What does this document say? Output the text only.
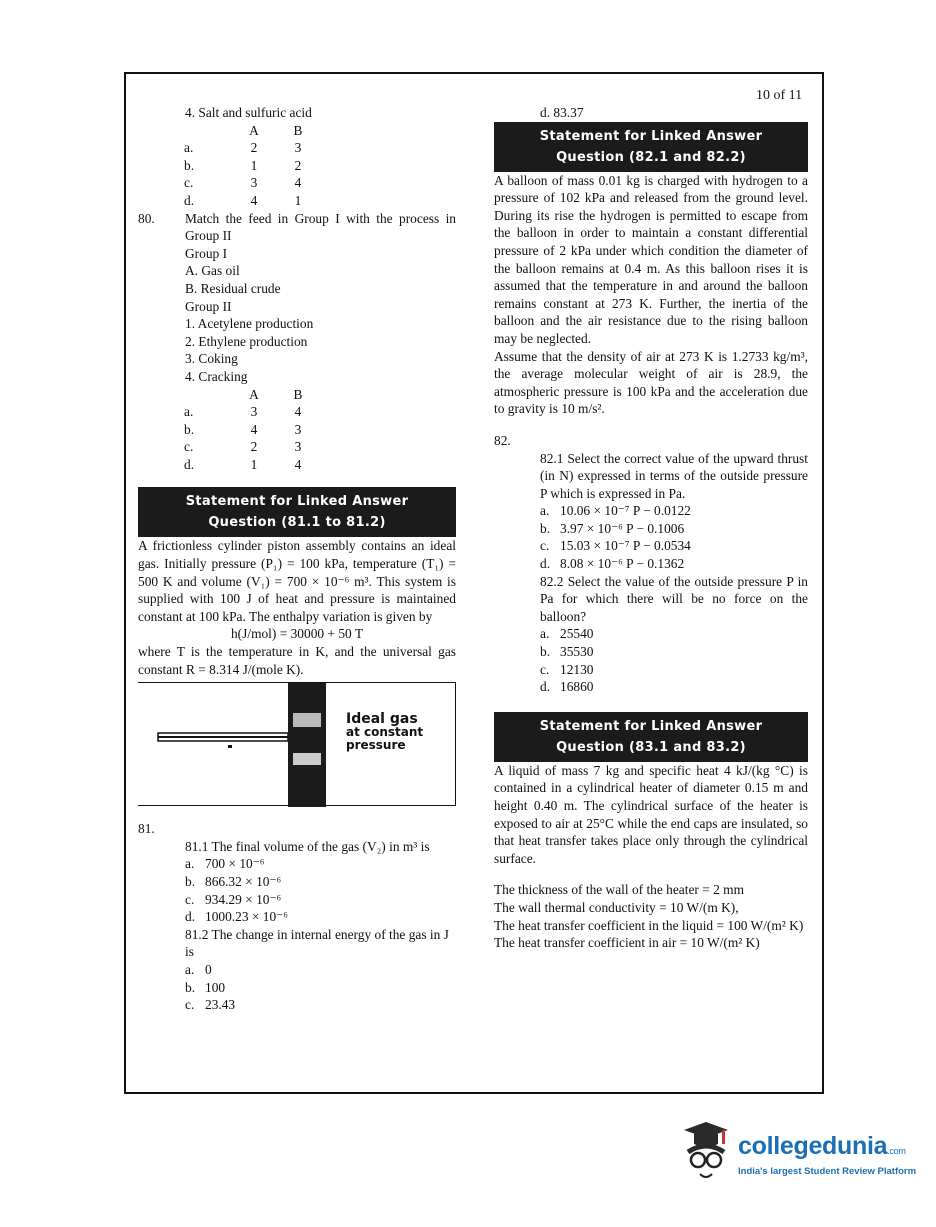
10 of 11
4. Salt and sulfuric acid
	A	B
a.	2	3
b.	1	2
c.	3	4
d.	4	1
80.	Match the feed in Group I with the process in Group II
Group I
A. Gas oil
B. Residual crude
Group II
1. Acetylene production
2. Ethylene production
3. Coking
4. Cracking
	A	B
a.	3	4
b.	4	3
c.	2	3
d.	1	4
Statement for Linked Answer
Question (81.1 to 81.2)
A frictionless cylinder piston assembly contains an ideal gas. Initially pressure (P₁) = 100 kPa, temperature (T₁) = 500 K and volume (V₁) = 700 × 10⁻⁶ m³. This system is supplied with 100 J of heat and pressure is maintained constant at 100 kPa. The enthalpy variation is given by
h(J/mol) = 30000 + 50 T
where T is the temperature in K, and the universal gas constant R = 8.314 J/(mole K).
Ideal gas
at constant
pressure
81.
81.1 The final volume of the gas (V₂) in m³ is
a. 700 × 10⁻⁶
b. 866.32 × 10⁻⁶
c. 934.29 × 10⁻⁶
d. 1000.23 × 10⁻⁶
81.2 The change in internal energy of the gas in J is
a. 0
b. 100
c. 23.43
d. 83.37
Statement for Linked Answer
Question (82.1 and 82.2)
A balloon of mass 0.01 kg is charged with hydrogen to a pressure of 102 kPa and released from the ground level. During its rise the hydrogen is permitted to escape from the balloon in order to maintain a constant differential pressure of 2 kPa under which condition the diameter of the balloon remains at 0.4 m. As this balloon rises it is assumed that the temperature in and around the balloon remains constant at 273 K. Further, the inertia of the balloon and the air resistance due to the rising balloon may be neglected.
Assume that the density of air at 273 K is 1.2733 kg/m³, the average molecular weight of air is 28.9, the atmospheric pressure is 100 kPa and the acceleration due to gravity is 10 m/s².
82.
82.1 Select the correct value of the upward thrust (in N) expressed in terms of the outside pressure P which is expressed in Pa.
a. 10.06 × 10⁻⁷ P − 0.0122
b. 3.97 × 10⁻⁶ P − 0.1006
c. 15.03 × 10⁻⁷ P − 0.0534
d. 8.08 × 10⁻⁶ P − 0.1362
82.2 Select the value of the outside pressure P in Pa for which there will be no force on the balloon?
a. 25540
b. 35530
c. 12130
d. 16860
Statement for Linked Answer
Question (83.1 and 83.2)
A liquid of mass 7 kg and specific heat 4 kJ/(kg °C) is contained in a cylindrical heater of diameter 0.15 m and height 0.40 m. The cylindrical surface of the heater is exposed to air at 25°C while the end caps are insulated, so that heat transfer takes place only through the cylindrical surface.
The thickness of the wall of the heater = 2 mm
The wall thermal conductivity = 10 W/(m K),
The heat transfer coefficient in the liquid = 100 W/(m² K)
The heat transfer coefficient in air = 10 W/(m² K)
collegedunia.com
India's largest Student Review Platform
